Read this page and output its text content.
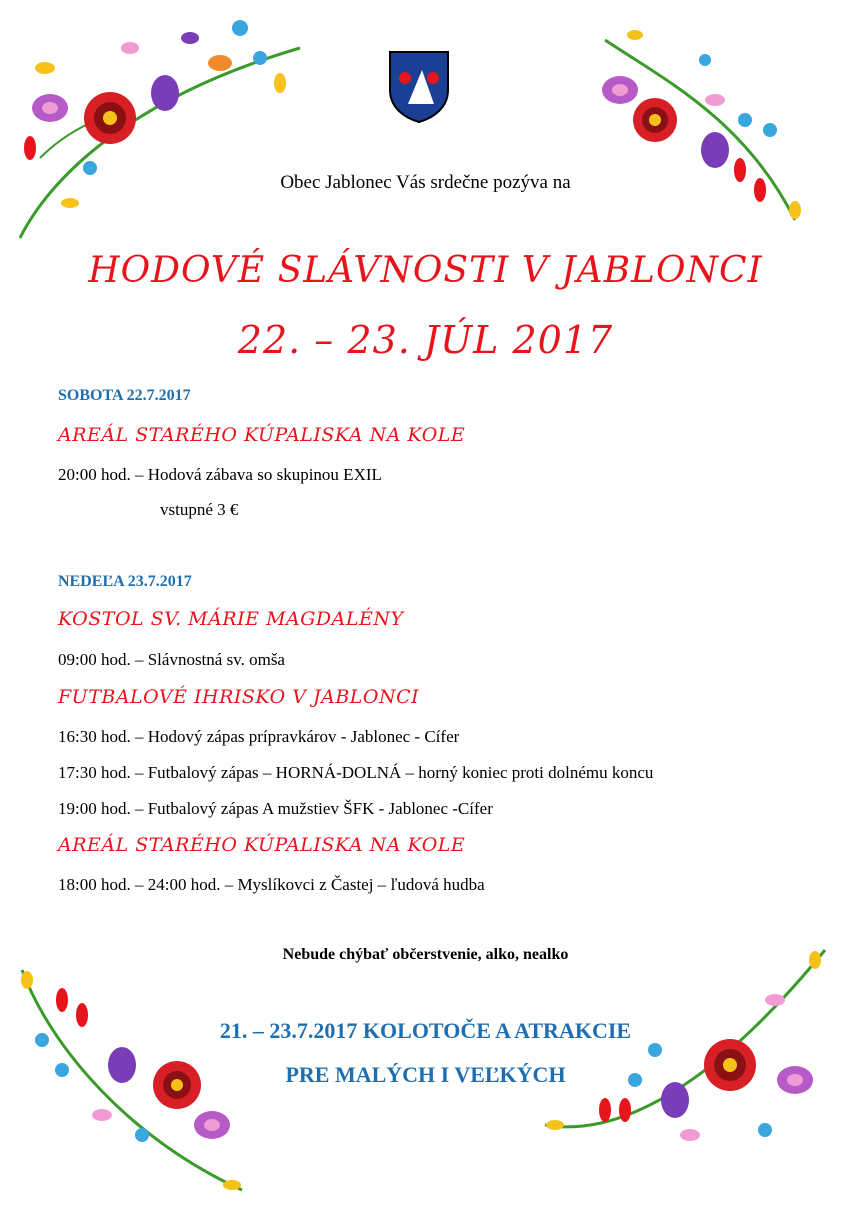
Obec Jablonec Vás srdečne pozýva na
HODOVÉ SLÁVNOSTI V JABLONCI
22. – 23. JÚL 2017
SOBOTA 22.7.2017
AREÁL STARÉHO KÚPALISKA NA KOLE
20:00 hod. – Hodová zábava so skupinou EXIL
vstupné 3 €
NEDEĽA 23.7.2017
KOSTOL SV. MÁRIE MAGDALÉNY
09:00 hod. – Slávnostná sv. omša
FUTBALOVÉ IHRISKO V JABLONCI
16:30 hod. – Hodový zápas prípravkárov - Jablonec - Cífer
17:30 hod. – Futbalový zápas – HORNÁ-DOLNÁ – horný koniec proti dolnému koncu
19:00 hod. – Futbalový zápas A mužstiev ŠFK - Jablonec -Cífer
AREÁL STARÉHO KÚPALISKA NA KOLE
18:00 hod. – 24:00 hod. – Myslíkovci z Častej – ľudová hudba
Nebude chýbať občerstvenie, alko, nealko
21. – 23.7.2017 KOLOTOČE A ATRAKCIE
PRE MALÝCH I VEĽKÝCH
